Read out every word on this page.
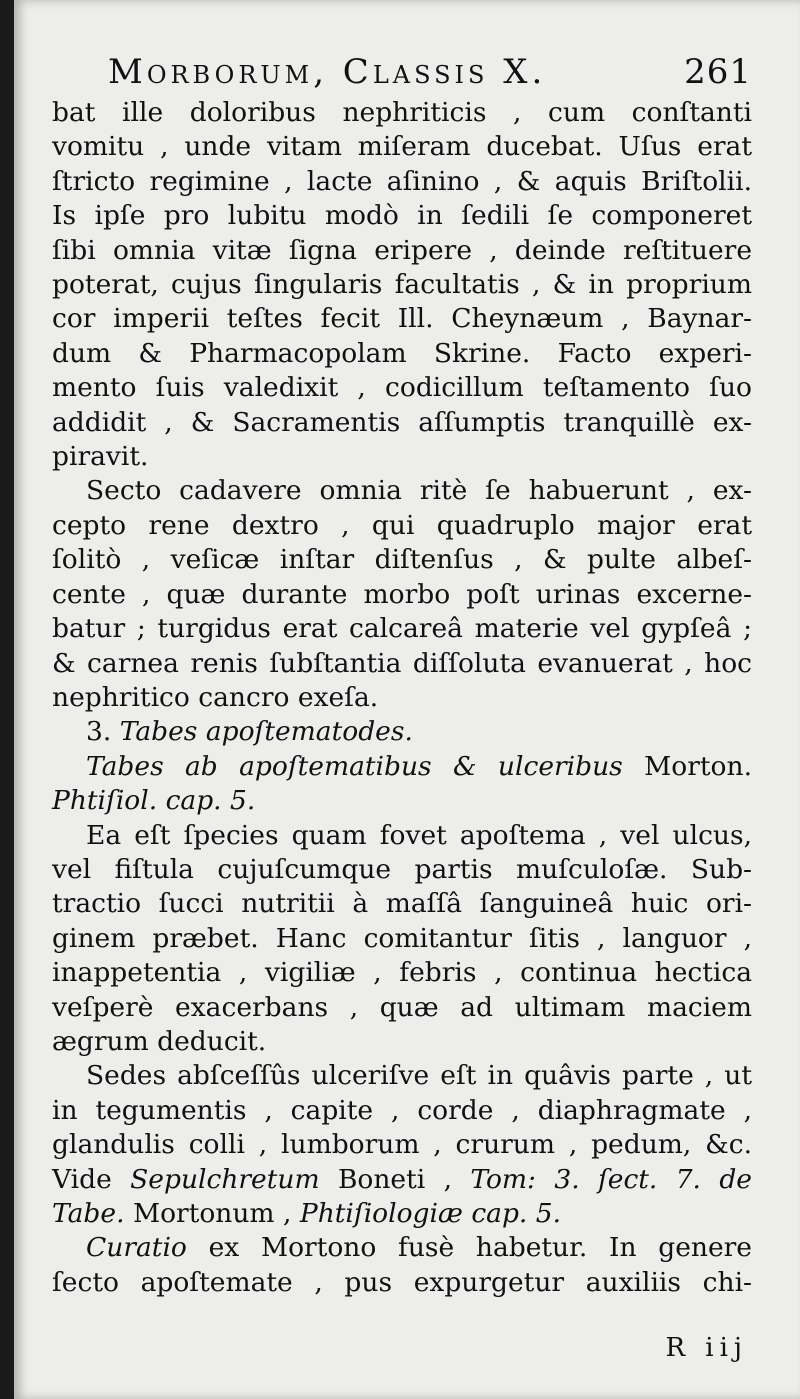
Morborum, Classis X.	261
bat ille doloribus nephriticis , cum conſtanti
vomitu , unde vitam miſeram ducebat. Uſus erat
ſtricto regimine , lacte aſinino , & aquis Briſtolii.
Is ipſe pro lubitu modò in ſedili ſe componeret
ſibi omnia vitæ ſigna eripere , deinde reſtituere
poterat, cujus ſingularis facultatis , & in proprium
cor imperii teſtes fecit Ill. Cheynæum , Baynar-
dum & Pharmacopolam Skrine. Facto experi-
mento ſuis valedixit , codicillum teſtamento ſuo
addidit , & Sacramentis aſſumptis tranquillè ex-
piravit.
Secto cadavere omnia ritè ſe habuerunt , ex-
cepto rene dextro , qui quadruplo major erat
ſolitò , veſicæ inſtar diſtenſus , & pulte albeſ-
cente , quæ durante morbo poſt urinas excerne-
batur ; turgidus erat calcareâ materie vel gypſeâ ;
& carnea renis ſubſtantia diſſoluta evanuerat , hoc
nephritico cancro exeſa.
3. Tabes apoſtematodes.
Tabes ab apoſtematibus & ulceribus Morton.
Phtiſiol. cap. 5.
Ea eſt ſpecies quam fovet apoſtema , vel ulcus,
vel fiſtula cujuſcumque partis muſculoſæ. Sub-
tractio ſucci nutritii à maſſâ ſanguineâ huic ori-
ginem præbet. Hanc comitantur ſitis , languor ,
inappetentia , vigiliæ , febris , continua hectica
veſperè exacerbans , quæ ad ultimam maciem
ægrum deducit.
Sedes abſceſſûs ulceriſve eſt in quâvis parte , ut
in tegumentis , capite , corde , diaphragmate ,
glandulis colli , lumborum , crurum , pedum, &c.
Vide Sepulchretum Boneti , Tom: 3. ſect. 7. de
Tabe. Mortonum , Phtiſiologiæ cap. 5.
Curatio ex Mortono fusè habetur. In genere
ſecto apoſtemate , pus expurgetur auxiliis chi-
R iij
